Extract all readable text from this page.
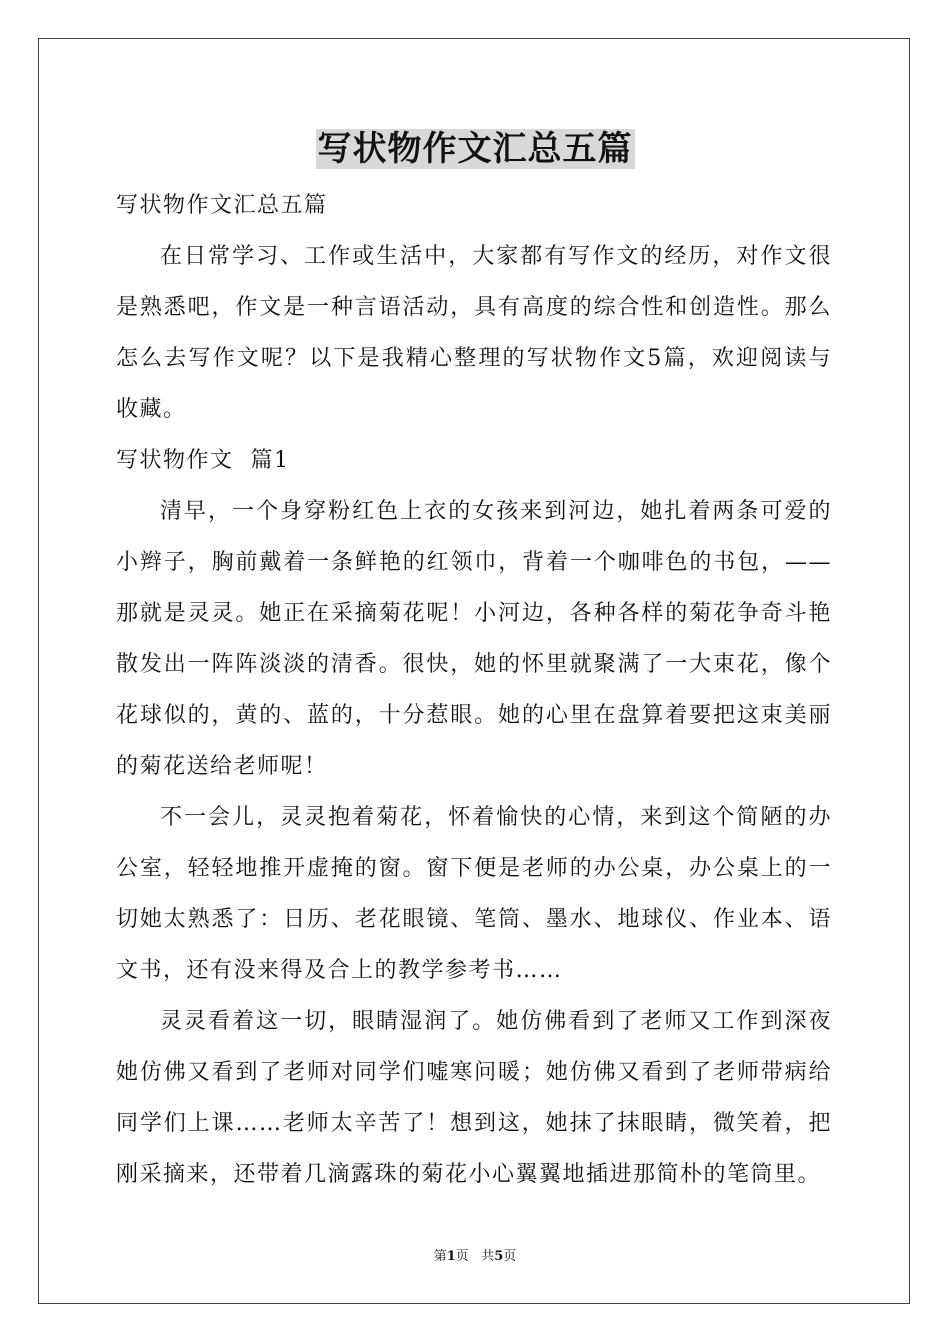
写状物作文汇总五篇

写状物作文汇总五篇

在日常学习、工作或生活中，大家都有写作文的经历，对作文很是熟悉吧，作文是一种言语活动，具有高度的综合性和创造性。那么怎么去写作文呢？以下是我精心整理的写状物作文5篇，欢迎阅读与收藏。

写状物作文  篇1

清早，一个身穿粉红色上衣的女孩来到河边，她扎着两条可爱的小辫子，胸前戴着一条鲜艳的红领巾，背着一个咖啡色的书包，——那就是灵灵。她正在采摘菊花呢！小河边，各种各样的菊花争奇斗艳散发出一阵阵淡淡的清香。很快，她的怀里就聚满了一大束花，像个花球似的，黄的、蓝的，十分惹眼。她的心里在盘算着要把这束美丽的菊花送给老师呢！

不一会儿，灵灵抱着菊花，怀着愉快的心情，来到这个简陋的办公室，轻轻地推开虚掩的窗。窗下便是老师的办公桌，办公桌上的一切她太熟悉了：日历、老花眼镜、笔筒、墨水、地球仪、作业本、语文书，还有没来得及合上的教学参考书……

灵灵看着这一切，眼睛湿润了。她仿佛看到了老师又工作到深夜她仿佛又看到了老师对同学们嘘寒问暖；她仿佛又看到了老师带病给同学们上课……老师太辛苦了！想到这，她抹了抹眼睛，微笑着，把刚采摘来，还带着几滴露珠的菊花小心翼翼地插进那简朴的笔筒里。

第1页 共5页
